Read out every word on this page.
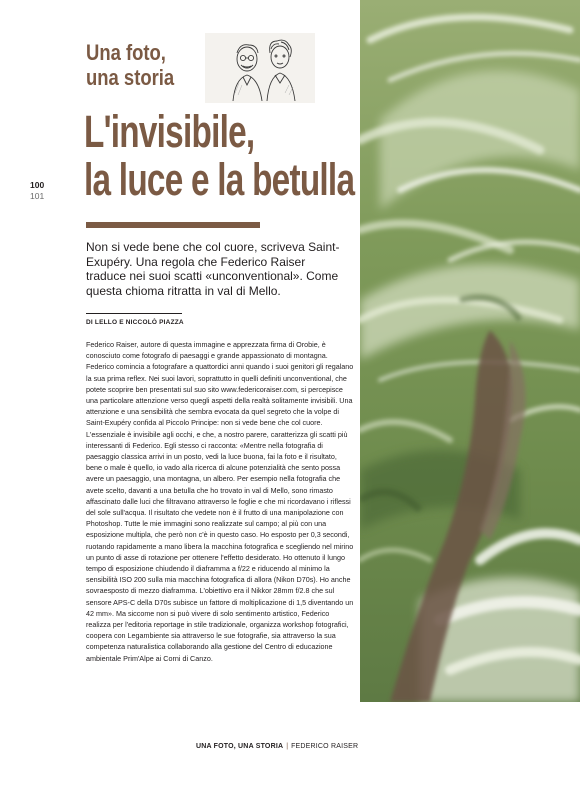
100
101
Una foto,
una storia
L'invisibile,
la luce e la betulla
Non si vede bene che col cuore, scriveva Saint-Exupéry. Una regola che Federico Raiser traduce nei suoi scatti «unconventional». Come questa chioma ritratta in val di Mello.
DI LELLO E NICCOLÒ PIAZZA
Federico Raiser, autore di questa immagine e apprezzata firma di Orobie, è conosciuto come fotografo di paesaggi e grande appassionato di montagna. Federico comincia a fotografare a quattordici anni quando i suoi genitori gli regalano la sua prima reflex. Nei suoi lavori, soprattutto in quelli definiti unconventional, che potete scoprire ben presentati sul suo sito www.federicoraiser.com, si percepisce una particolare attenzione verso quegli aspetti della realtà solitamente invisibili. Una attenzione e una sensibilità che sembra evocata da quel segreto che la volpe di Saint-Exupéry confida al Piccolo Principe: non si vede bene che col cuore. L'essenziale è invisibile agli occhi, e che, a nostro parere, caratterizza gli scatti più interessanti di Federico. Egli stesso ci racconta: «Mentre nella fotografia di paesaggio classica arrivi in un posto, vedi la luce buona, fai la foto e il risultato, bene o male è quello, io vado alla ricerca di alcune potenzialità che sento possa avere un paesaggio, una montagna, un albero. Per esempio nella fotografia che avete scelto, davanti a una betulla che ho trovato in val di Mello, sono rimasto affascinato dalle luci che filtravano attraverso le foglie e che mi ricordavano i riflessi del sole sull'acqua. Il risultato che vedete non è il frutto di una manipolazione con Photoshop. Tutte le mie immagini sono realizzate sul campo; al più con una esposizione multipla, che però non c'è in questo caso. Ho esposto per 0,3 secondi, ruotando rapidamente a mano libera la macchina fotografica e scegliendo nel mirino un punto di asse di rotazione per ottenere l'effetto desiderato. Ho ottenuto il lungo tempo di esposizione chiudendo il diaframma a f/22 e riducendo al minimo la sensibilità ISO 200 sulla mia macchina fotografica di allora (Nikon D70s). Ho anche sovraesposto di mezzo diaframma. L'obiettivo era il Nikkor 28mm f/2.8 che sul sensore APS-C della D70s subisce un fattore di moltiplicazione di 1,5 diventando un 42 mm». Ma siccome non si può vivere di solo sentimento artistico, Federico realizza per l'editoria reportage in stile tradizionale, organizza workshop fotografici, coopera con Legambiente sia attraverso le sue fotografie, sia attraverso la sua competenza naturalistica collaborando alla gestione del Centro di educazione ambientale Prim'Alpe ai Corni di Canzo.
UNA FOTO, UNA STORIA | FEDERICO RAISER
